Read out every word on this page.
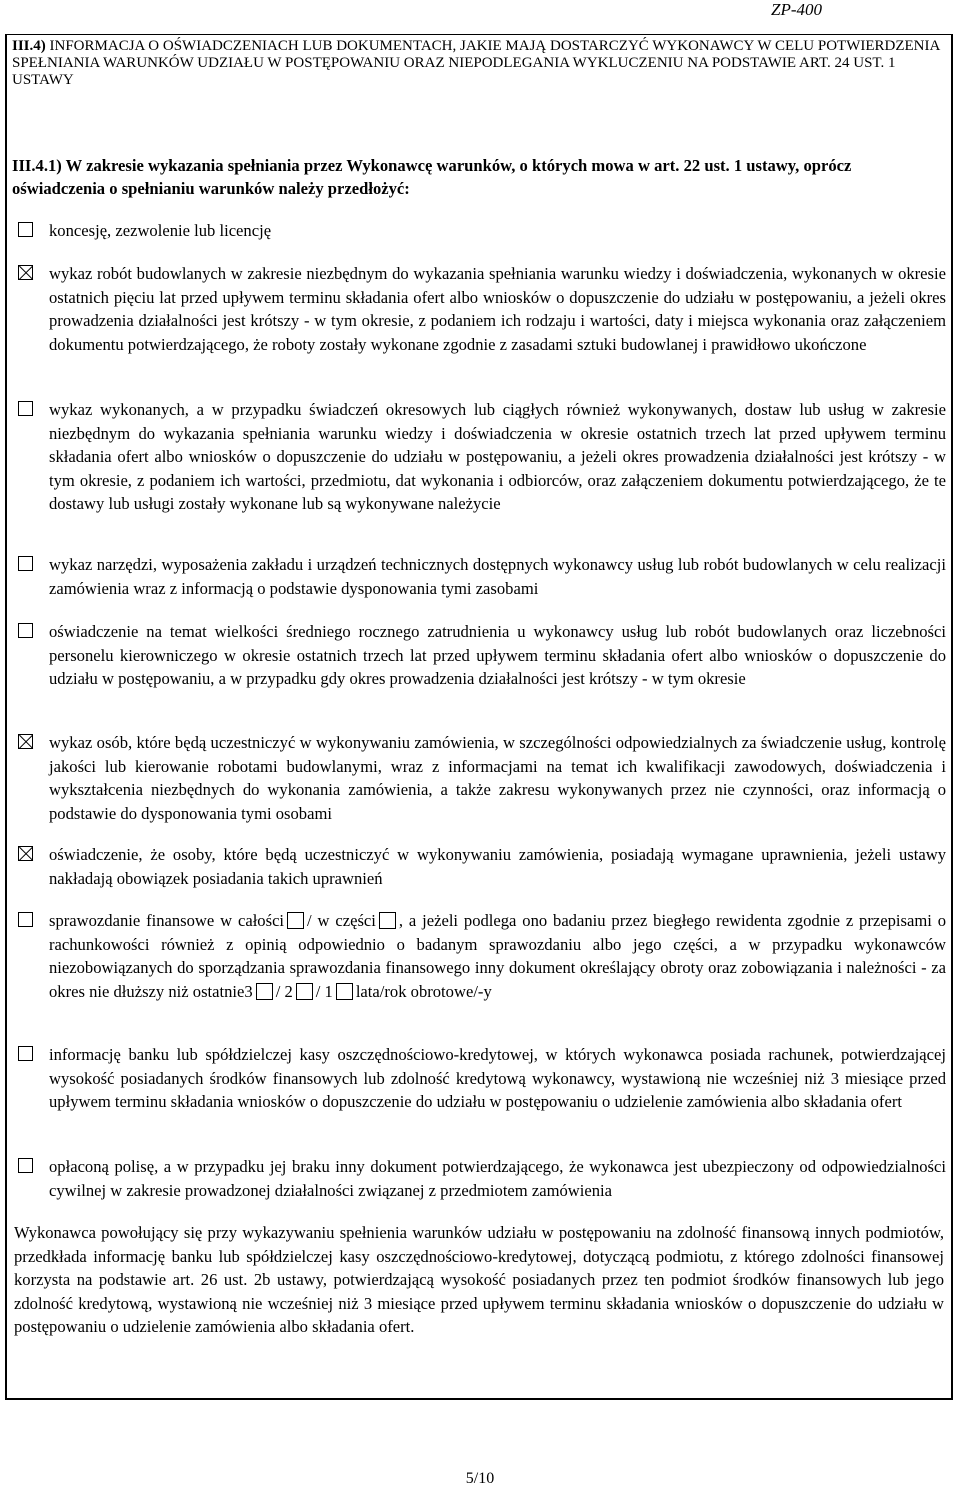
ZP-400
III.4) INFORMACJA O OŚWIADCZENIACH LUB DOKUMENTACH, JAKIE MAJĄ DOSTARCZYĆ WYKONAWCY W CELU POTWIERDZENIA SPEŁNIANIA WARUNKÓW UDZIAŁU W POSTĘPOWANIU ORAZ NIEPODLEGANIA WYKLUCZENIU NA PODSTAWIE ART. 24 UST. 1 USTAWY
III.4.1) W zakresie wykazania spełniania przez Wykonawcę warunków, o których mowa w art. 22 ust. 1 ustawy, oprócz oświadczenia o spełnianiu warunków należy przedłożyć:
koncesję, zezwolenie lub licencję
wykaz robót budowlanych w zakresie niezbędnym do wykazania spełniania warunku wiedzy i doświadczenia, wykonanych w okresie ostatnich pięciu lat przed upływem terminu składania ofert albo wniosków o dopuszczenie do udziału w postępowaniu, a jeżeli okres prowadzenia działalności jest krótszy - w tym okresie, z podaniem ich rodzaju i wartości, daty i miejsca wykonania oraz załączeniem dokumentu potwierdzającego, że roboty zostały wykonane zgodnie z zasadami sztuki budowlanej i prawidłowo ukończone
wykaz wykonanych, a w przypadku świadczeń okresowych lub ciągłych również wykonywanych, dostaw lub usług w zakresie niezbędnym do wykazania spełniania warunku wiedzy i doświadczenia w okresie ostatnich trzech lat przed upływem terminu składania ofert albo wniosków o dopuszczenie do udziału w postępowaniu, a jeżeli okres prowadzenia działalności jest krótszy - w tym okresie, z podaniem ich wartości, przedmiotu, dat wykonania i odbiorców, oraz załączeniem dokumentu potwierdzającego, że te dostawy lub usługi zostały wykonane lub są wykonywane należycie
wykaz narzędzi, wyposażenia zakładu i urządzeń technicznych dostępnych wykonawcy usług lub robót budowlanych w celu realizacji zamówienia wraz z informacją o podstawie dysponowania tymi zasobami
oświadczenie na temat wielkości średniego rocznego zatrudnienia u wykonawcy usług lub robót budowlanych oraz liczebności personelu kierowniczego w okresie ostatnich trzech lat przed upływem terminu składania ofert albo wniosków o dopuszczenie do udziału w postępowaniu, a w przypadku gdy okres prowadzenia działalności jest krótszy - w tym okresie
wykaz osób, które będą uczestniczyć w wykonywaniu zamówienia, w szczególności odpowiedzialnych za świadczenie usług, kontrolę jakości lub kierowanie robotami budowlanymi, wraz z informacjami na temat ich kwalifikacji zawodowych, doświadczenia i wykształcenia niezbędnych do wykonania zamówienia, a także zakresu wykonywanych przez nie czynności, oraz informacją o podstawie do dysponowania tymi osobami
oświadczenie, że osoby, które będą uczestniczyć w wykonywaniu zamówienia, posiadają wymagane uprawnienia, jeżeli ustawy nakładają obowiązek posiadania takich uprawnień
sprawozdanie finansowe w całości / w części , a jeżeli podlega ono badaniu przez biegłego rewidenta zgodnie z przepisami o rachunkowości również z opinią odpowiednio o badanym sprawozdaniu albo jego części, a w przypadku wykonawców niezobowiązanych do sporządzania sprawozdania finansowego inny dokument określający obroty oraz zobowiązania i należności - za okres nie dłuższy niż ostatnie3 / 2 / 1 lata/rok obrotowe/-y
informację banku lub spółdzielczej kasy oszczędnościowo-kredytowej, w których wykonawca posiada rachunek, potwierdzającej wysokość posiadanych środków finansowych lub zdolność kredytową wykonawcy, wystawioną nie wcześniej niż 3 miesiące przed upływem terminu składania wniosków o dopuszczenie do udziału w postępowaniu o udzielenie zamówienia albo składania ofert
opłaconą polisę, a w przypadku jej braku inny dokument potwierdzającego, że wykonawca jest ubezpieczony od odpowiedzialności cywilnej w zakresie prowadzonej działalności związanej z przedmiotem zamówienia
Wykonawca powołujący się przy wykazywaniu spełnienia warunków udziału w postępowaniu na zdolność finansową innych podmiotów, przedkłada informację banku lub spółdzielczej kasy oszczędnościowo-kredytowej, dotyczącą podmiotu, z którego zdolności finansowej korzysta na podstawie art. 26 ust. 2b ustawy, potwierdzającą wysokość posiadanych przez ten podmiot środków finansowych lub jego zdolność kredytową, wystawioną nie wcześniej niż 3 miesiące przed upływem terminu składania wniosków o dopuszczenie do udziału w postępowaniu o udzielenie zamówienia albo składania ofert.
5/10
